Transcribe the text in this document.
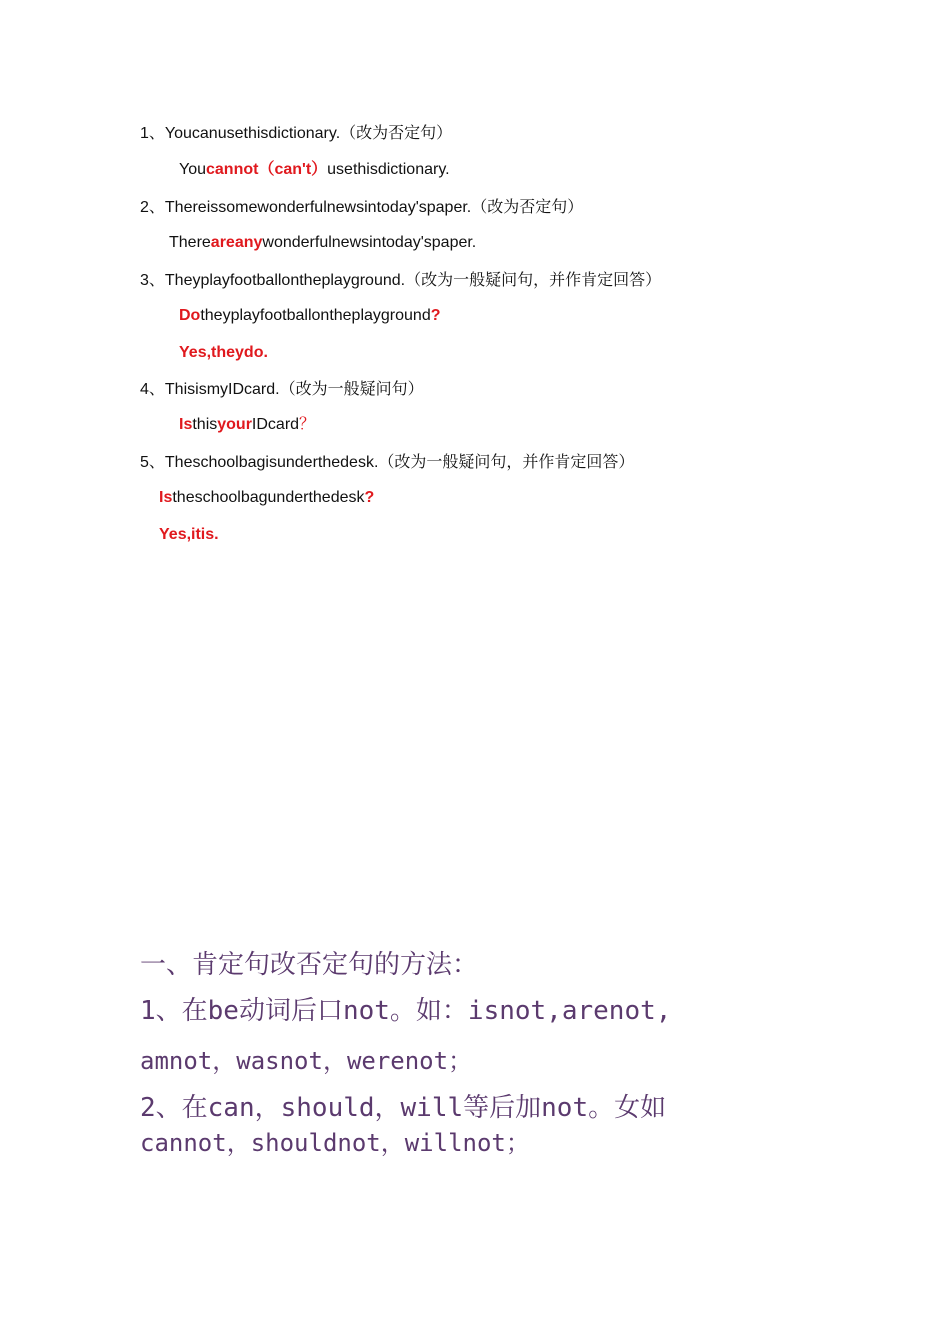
1、Youcanusethisdictionary.（改为否定句）
Youcannot（can't）usethisdictionary.
2、Thereissomewonderfulnewsintoday'spaper.（改为否定句）
Thereareanywonderfulnewsintoday'spaper.
3、Theyplayfootballontheplayground.（改为一般疑问句，并作肯定回答）
Dotheyplayfootballontheplayground?
Yes,theydo.
4、ThisismyIDcard.（改为一般疑问句）
IsthisyourIDcard？
5、Theschoolbagisunderthedesk.（改为一般疑问句，并作肯定回答）
Istheschoolbagunderthedesk?
Yes,itis.
一、肯定句改否定句的方法：
1、在be动词后口not。如：isnot,arenot,
amnot，wasnot，werenot；
2、在can，should，will等后加not。女如
cannot，shouldnot，willnot；
